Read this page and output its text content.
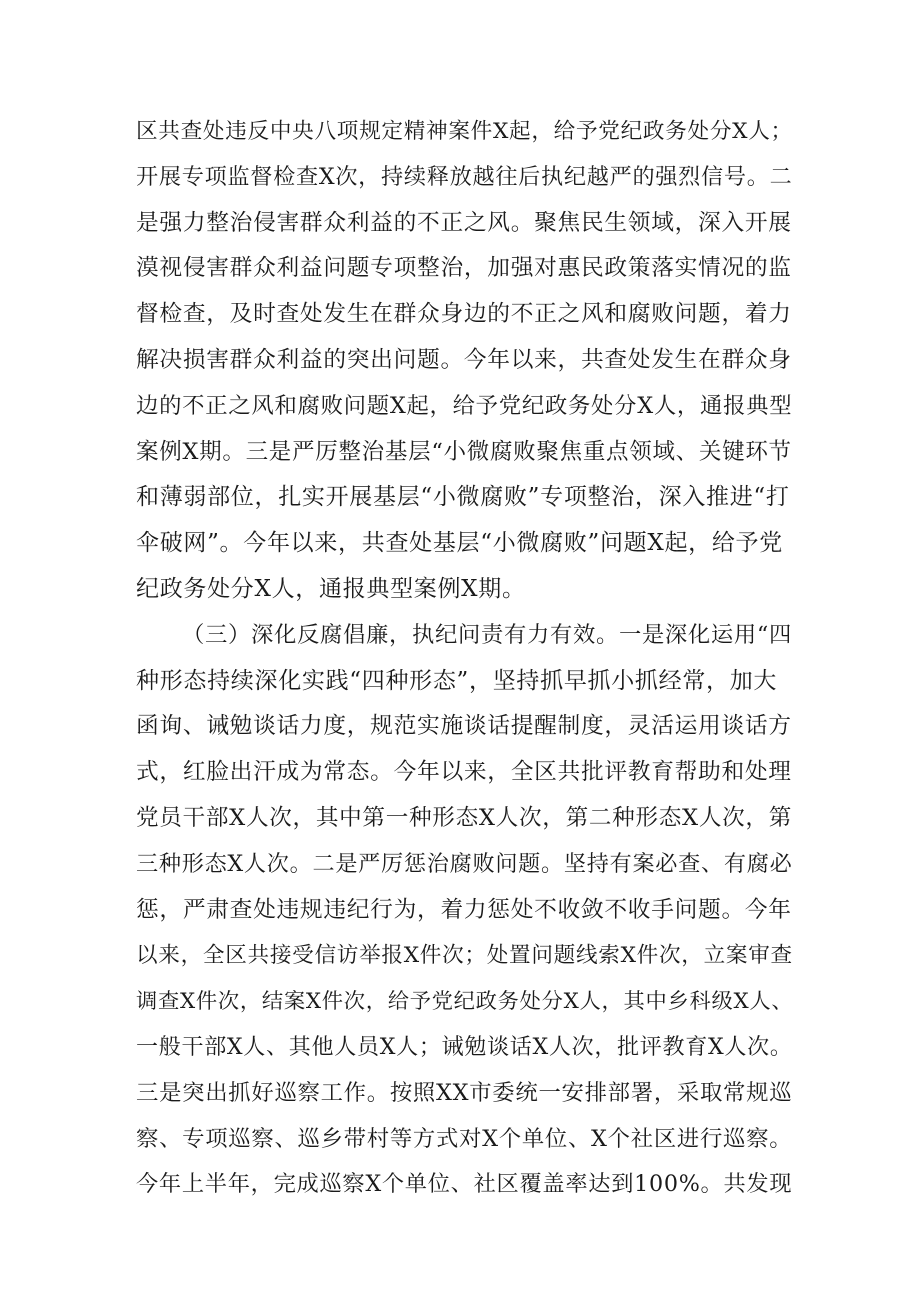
区共查处违反中央八项规定精神案件X起，给予党纪政务处分X人；
开展专项监督检查X次，持续释放越往后执纪越严的强烈信号。二
是强力整治侵害群众利益的不正之风。聚焦民生领域，深入开展
漠视侵害群众利益问题专项整治，加强对惠民政策落实情况的监
督检查，及时查处发生在群众身边的不正之风和腐败问题，着力
解决损害群众利益的突出问题。今年以来，共查处发生在群众身
边的不正之风和腐败问题X起，给予党纪政务处分X人，通报典型
案例X期。三是严厉整治基层“小微腐败聚焦重点领域、关键环节
和薄弱部位，扎实开展基层“小微腐败”专项整治，深入推进“打
伞破网”。今年以来，共查处基层“小微腐败”问题X起，给予党
纪政务处分X人，通报典型案例X期。
（三）深化反腐倡廉，执纪问责有力有效。一是深化运用“四
种形态持续深化实践“四种形态”，坚持抓早抓小抓经常，加大
函询、诫勉谈话力度，规范实施谈话提醒制度，灵活运用谈话方
式，红脸出汗成为常态。今年以来，全区共批评教育帮助和处理
党员干部X人次，其中第一种形态X人次，第二种形态X人次，第
三种形态X人次。二是严厉惩治腐败问题。坚持有案必查、有腐必
惩，严肃查处违规违纪行为，着力惩处不收敛不收手问题。今年
以来，全区共接受信访举报X件次；处置问题线索X件次，立案审查
调查X件次，结案X件次，给予党纪政务处分X人，其中乡科级X人、
一般干部X人、其他人员X人；诫勉谈话X人次，批评教育X人次。
三是突出抓好巡察工作。按照XX市委统一安排部署，采取常规巡
察、专项巡察、巡乡带村等方式对X个单位、X个社区进行巡察。
今年上半年，完成巡察X个单位、社区覆盖率达到100%。共发现
